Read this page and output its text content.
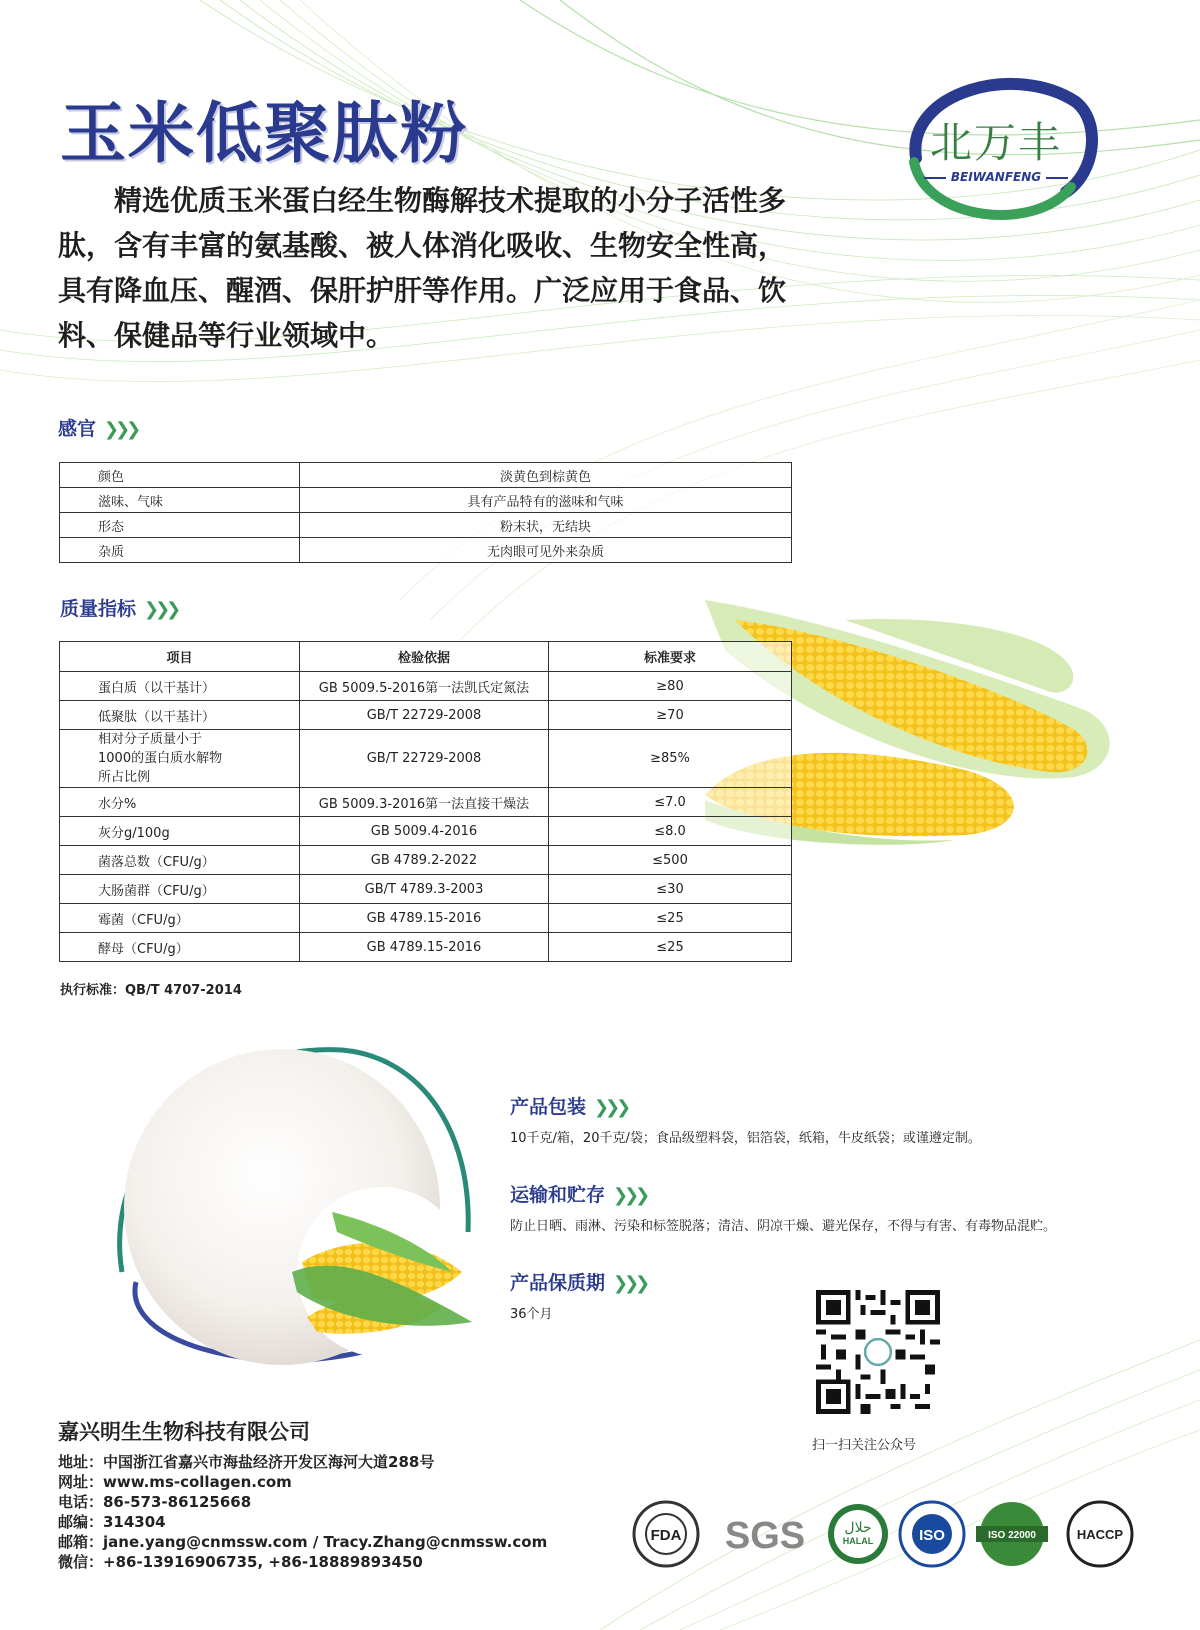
玉米低聚肽粉	北万丰
BEIWANFENG

精选优质玉米蛋白经生物酶解技术提取的小分子活性多肽，含有丰富的氨基酸、被人体消化吸收、生物安全性高，具有降血压、醒酒、保肝护肝等作用。广泛应用于食品、饮料、保健品等行业领域中。

感官 ❯❯❯
颜色	淡黄色到棕黄色
滋味、气味	具有产品特有的滋味和气味
形态	粉末状，无结块
杂质	无肉眼可见外来杂质
质量指标 ❯❯❯
项目	检验依据	标准要求
蛋白质（以干基计）	GB 5009.5-2016第一法凯氏定氮法	≥80
低聚肽（以干基计）	GB/T 22729-2008	≥70
相对分子质量小于1000的蛋白质水解物所占比例	GB/T 22729-2008	≥85%
水分%	GB 5009.3-2016第一法直接干燥法	≤7.0
灰分g/100g	GB 5009.4-2016	≤8.0
菌落总数（CFU/g）	GB 4789.2-2022	≤500
大肠菌群（CFU/g）	GB/T 4789.3-2003	≤30
霉菌（CFU/g）	GB 4789.15-2016	≤25
酵母（CFU/g）	GB 4789.15-2016	≤25
执行标准：QB/T 4707-2014
产品包装 ❯❯❯
10千克/箱，20千克/袋；食品级塑料袋，铝箔袋，纸箱，牛皮纸袋；或谨遵定制。
运输和贮存 ❯❯❯
防止日晒、雨淋、污染和标签脱落；清洁、阴凉干燥、避光保存，不得与有害、有毒物品混贮。
产品保质期 ❯❯❯
36个月
扫一扫关注公众号
嘉兴明生生物科技有限公司
地址：中国浙江省嘉兴市海盐经济开发区海河大道288号
网址：www.ms-collagen.com
电话：86-573-86125668
邮编：314304
邮箱：jane.yang@cnmssw.com / Tracy.Zhang@cnmssw.com
微信：+86-13916906735, +86-18889893450
FDA SGS	HALAL
حلال	ISO	ISO 22000	HACCP
